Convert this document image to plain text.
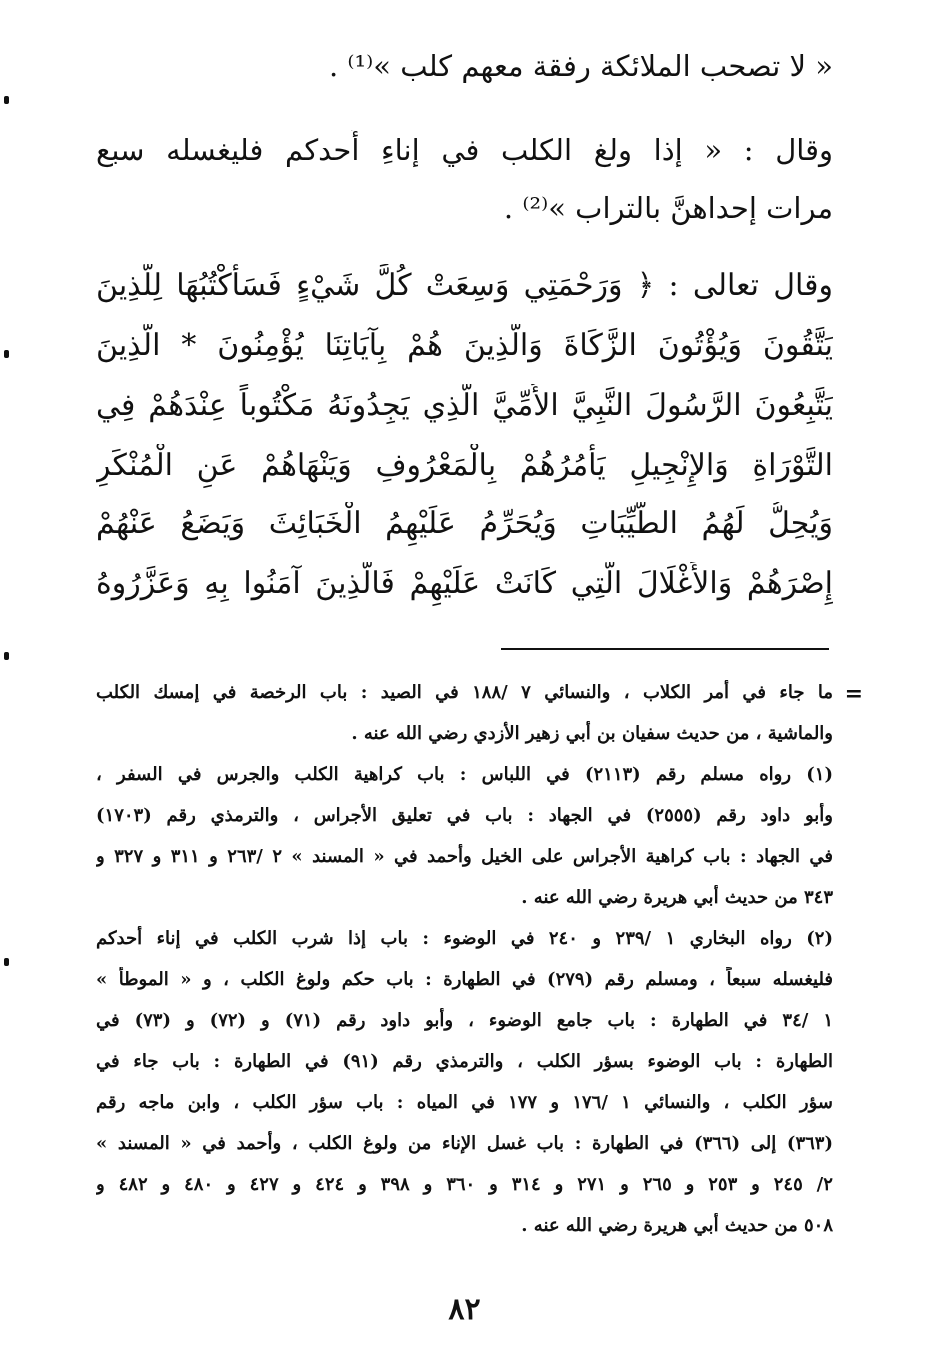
« لا تصحب الملائكة رفقة معهم كلب »⁽¹⁾ .
وقال : « إذا ولغ الكلب في إناءِ أَحدكم فليغسله سبع
مرات إحداهنَّ بالتراب »⁽²⁾ .
وقال تعالى : ﴿ وَرَحْمَتِي وَسِعَتْ كُلَّ شَيْءٍ فَسَأَكْتُبُهَا لِلَّذِينَ
يَتَّقُونَ وَيُؤْتُونَ الزَّكَاةَ وَالَّذِينَ هُمْ بِآيَاتِنَا يُؤْمِنُونَ * الَّذِينَ
يَتَّبِعُونَ الرَّسُولَ النَّبِيَّ الأُمِّيَّ الَّذِي يَجِدُونَهُ مَكْتُوباً عِنْدَهُمْ فِي
التَّوْرَاةِ وَالإِنْجِيلِ يَأْمُرُهُمْ بِالْمَعْرُوفِ وَيَنْهَاهُمْ عَنِ الْمُنْكَرِ
وَيُحِلُّ لَهُمُ الطَّيِّبَاتِ وَيُحَرِّمُ عَلَيْهِمُ الْخَبَائِثَ وَيَضَعُ عَنْهُمْ
إِصْرَهُمْ وَالأَغْلَالَ الَّتِي كَانَتْ عَلَيْهِمْ فَالَّذِينَ آمَنُوا بِهِ وَعَزَّرُوهُ
=
ما جاء في أمر الكلاب ، والنسائي ٧ /١٨٨ في الصيد : باب الرخصة في إمسك الكلب
والماشية ، من حديث سفيان بن أبي زهير الأزدي رضي الله عنه .
(١) رواه مسلم رقم (٢١١٣) في اللباس : باب كراهية الكلب والجرس في السفر ،
وأبو داود رقم (٢٥٥٥) في الجهاد : باب في تعليق الأجراس ، والترمذي رقم (١٧٠٣)
في الجهاد : باب كراهية الأجراس على الخيل وأحمد في « المسند » ٢ /٢٦٣ و ٣١١ و ٣٢٧ و
٣٤٣ من حديث أبي هريرة رضي الله عنه .
(٢) رواه البخاري ١ /٢٣٩ و ٢٤٠ في الوضوء : باب إذا شرب الكلب في إناء أحدكم
فليغسله سبعاً ، ومسلم رقم (٢٧٩) في الطهارة : باب حكم ولوغ الكلب ، و « الموطأ »
١ /٣٤ في الطهارة : باب جامع الوضوء ، وأبو داود رقم (٧١) و (٧٢) و (٧٣) في
الطهارة : باب الوضوء بسؤر الكلب ، والترمذي رقم (٩١) في الطهارة : باب جاء في
سؤر الكلب ، والنسائي ١ /١٧٦ و ١٧٧ في المياه : باب سؤر الكلب ، وابن ماجه رقم
(٣٦٣) إلى (٣٦٦) في الطهارة : باب غسل الإناء من ولوغ الكلب ، وأحمد في « المسند »
٢/ ٢٤٥ و ٢٥٣ و ٢٦٥ و ٢٧١ و ٣١٤ و ٣٦٠ و ٣٩٨ و ٤٢٤ و ٤٢٧ و ٤٨٠ و ٤٨٢ و
٥٠٨ من حديث أبي هريرة رضي الله عنه .
٨٢
